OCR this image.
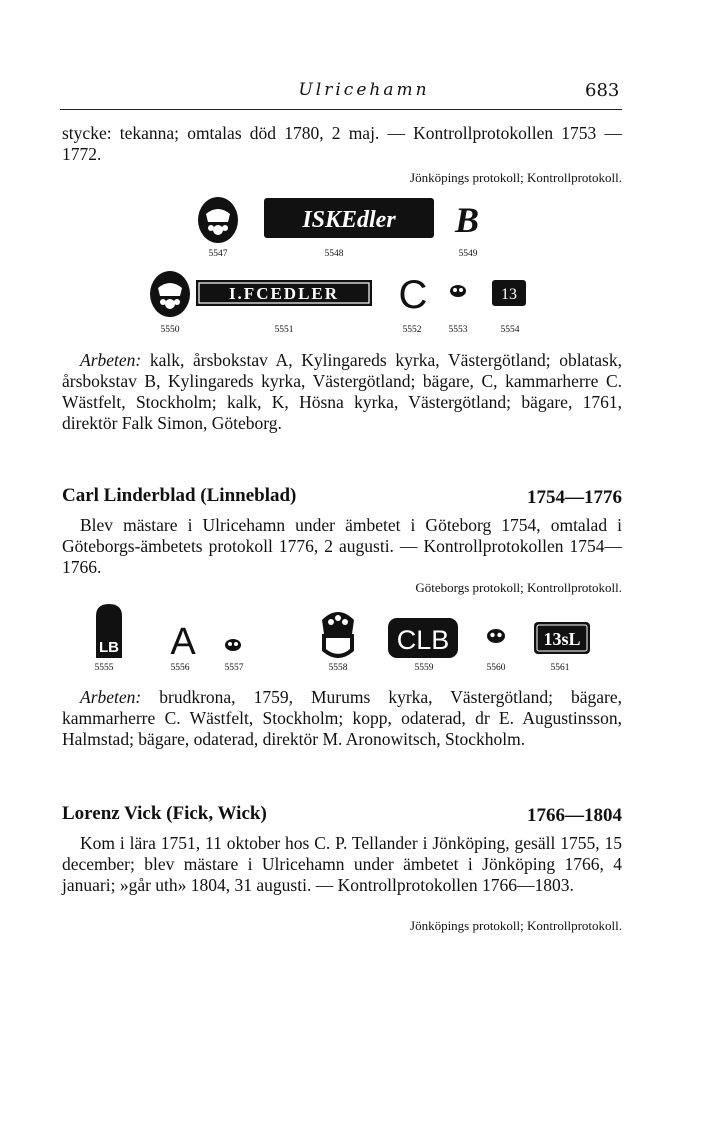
Ulricehamn	683
stycke: tekanna; omtalas död 1780, 2 maj. — Kontrollprotokollen 1753 —1772.
Jönköpings protokoll; Kontrollprotokoll.
ISKEdler B
5547	5548	5549
I.FCEDLER C	13
5550	5551	5552	5553	5554
Arbeten: kalk, årsbokstav A, Kylingareds kyrka, Västergötland; oblatask, årsbokstav B, Kylingareds kyrka, Västergötland; bägare, C, kammarherre C. Wästfelt, Stockholm; kalk, K, Hösna kyrka, Västergötland; bägare, 1761, direktör Falk Simon, Göteborg.
Carl Linderblad (Linneblad)	1754—1776
Blev mästare i Ulricehamn under ämbetet i Göteborg 1754, omtalad i Göteborgs-ämbetets protokoll 1776, 2 augusti. — Kontrollprotokollen 1754—1766.
Göteborgs protokoll; Kontrollprotokoll.
LB A	CLB	13sL
5555	5556	5557	5558	5559	5560	5561
Arbeten: brudkrona, 1759, Murums kyrka, Västergötland; bägare, kammarherre C. Wästfelt, Stockholm; kopp, odaterad, dr E. Augustinsson, Halmstad; bägare, odaterad, direktör M. Aronowitsch, Stockholm.
Lorenz Vick (Fick, Wick)	1766—1804
Kom i lära 1751, 11 oktober hos C. P. Tellander i Jönköping, gesäll 1755, 15 december; blev mästare i Ulricehamn under ämbetet i Jönköping 1766, 4 januari; »går uth» 1804, 31 augusti. — Kontrollprotokollen 1766—1803.
Jönköpings protokoll; Kontrollprotokoll.
